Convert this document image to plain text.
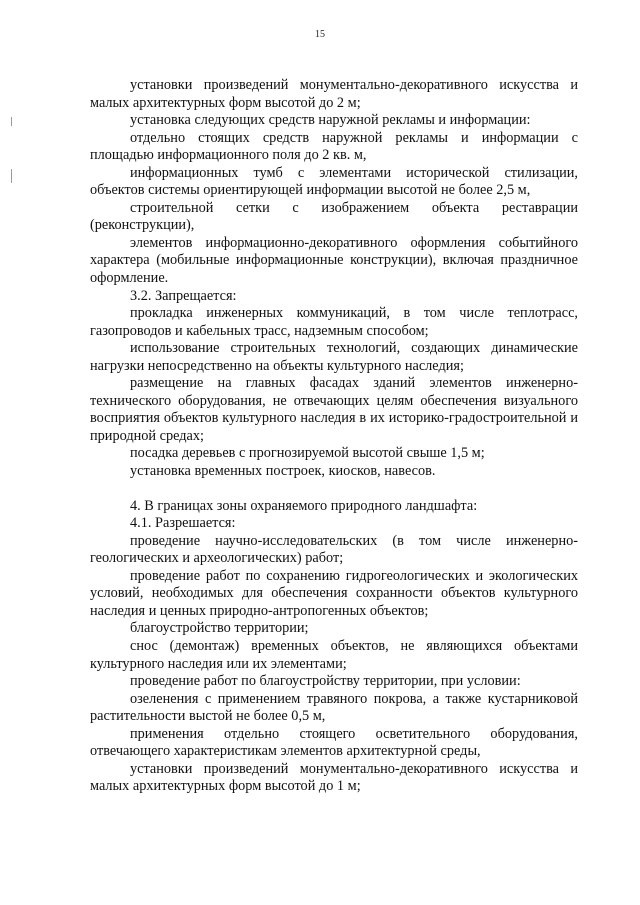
15

установки произведений монументально-декоративного искусства и малых архитектурных форм высотой до 2 м;

установка следующих средств наружной рекламы и информации:

отдельно стоящих средств наружной рекламы и информации с площадью информационного поля до 2 кв. м,

информационных тумб с элементами исторической стилизации, объектов системы ориентирующей информации высотой не более 2,5 м,

строительной сетки с изображением объекта реставрации (реконструкции),

элементов информационно-декоративного оформления событийного характера (мобильные информационные конструкции), включая праздничное оформление.

3.2. Запрещается:

прокладка инженерных коммуникаций, в том числе теплотрасс, газопроводов и кабельных трасс, надземным способом;

использование строительных технологий, создающих динамические нагрузки непосредственно на объекты культурного наследия;

размещение на главных фасадах зданий элементов инженерно-технического оборудования, не отвечающих целям обеспечения визуального восприятия объектов культурного наследия в их историко-градостроительной и природной средах;

посадка деревьев с прогнозируемой высотой свыше 1,5 м;

установка временных построек, киосков, навесов.

4. В границах зоны охраняемого природного ландшафта:

4.1. Разрешается:

проведение научно-исследовательских (в том числе инженерно-геологических и археологических) работ;

проведение работ по сохранению гидрогеологических и экологических условий, необходимых для обеспечения сохранности объектов культурного наследия и ценных природно-антропогенных объектов;

благоустройство территории;

снос (демонтаж) временных объектов, не являющихся объектами культурного наследия или их элементами;

проведение работ по благоустройству территории, при условии:

озеленения с применением травяного покрова, а также кустарниковой растительности выстой не более 0,5 м,

применения отдельно стоящего осветительного оборудования, отвечающего характеристикам элементов архитектурной среды,

установки произведений монументально-декоративного искусства и малых архитектурных форм высотой до 1 м;
